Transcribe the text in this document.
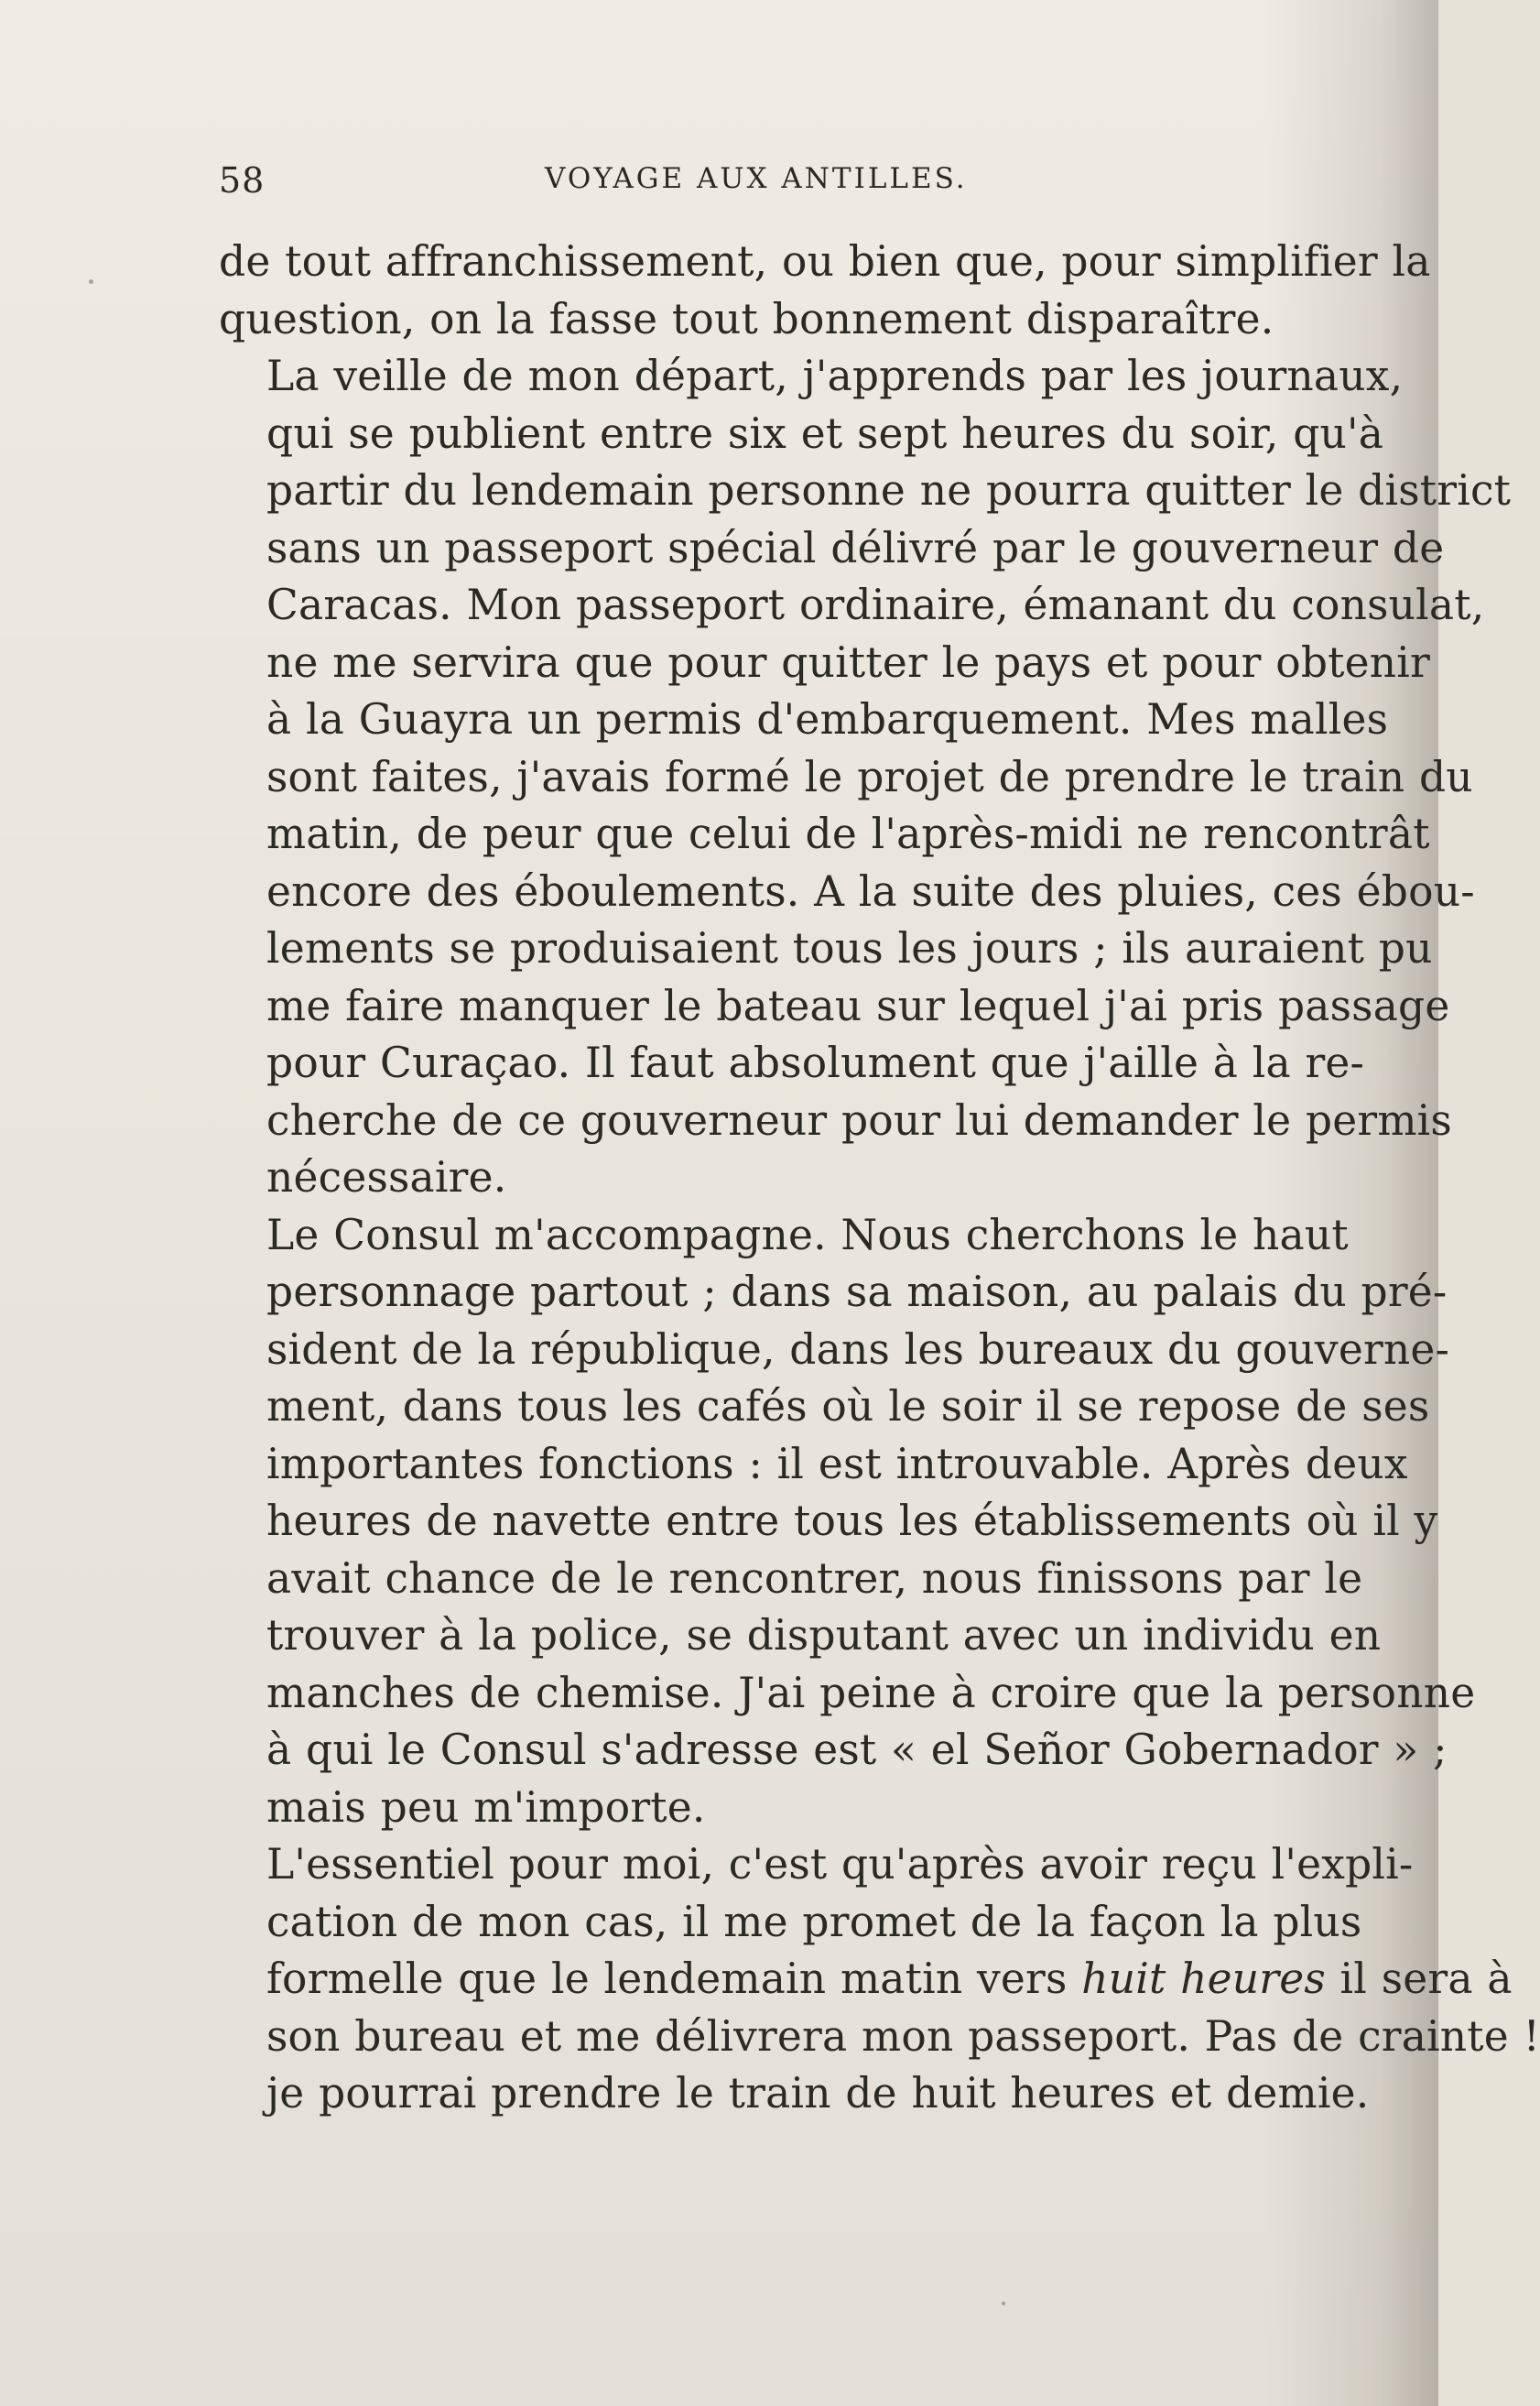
58	VOYAGE AUX ANTILLES.

de tout affranchissement, ou bien que, pour simplifier la
question, on la fasse tout bonnement disparaître.

La veille de mon départ, j'apprends par les journaux,
qui se publient entre six et sept heures du soir, qu'à
partir du lendemain personne ne pourra quitter le district
sans un passeport spécial délivré par le gouverneur de
Caracas. Mon passeport ordinaire, émanant du consulat,
ne me servira que pour quitter le pays et pour obtenir
à la Guayra un permis d'embarquement. Mes malles
sont faites, j'avais formé le projet de prendre le train du
matin, de peur que celui de l'après-midi ne rencontrât
encore des éboulements. A la suite des pluies, ces ébou-
lements se produisaient tous les jours ; ils auraient pu
me faire manquer le bateau sur lequel j'ai pris passage
pour Curaçao. Il faut absolument que j'aille à la re-
cherche de ce gouverneur pour lui demander le permis
nécessaire.

Le Consul m'accompagne. Nous cherchons le haut
personnage partout ; dans sa maison, au palais du pré-
sident de la république, dans les bureaux du gouverne-
ment, dans tous les cafés où le soir il se repose de ses
importantes fonctions : il est introuvable. Après deux
heures de navette entre tous les établissements où il y
avait chance de le rencontrer, nous finissons par le
trouver à la police, se disputant avec un individu en
manches de chemise. J'ai peine à croire que la personne
à qui le Consul s'adresse est « el Señor Gobernador » ;
mais peu m'importe.

L'essentiel pour moi, c'est qu'après avoir reçu l'expli-
cation de mon cas, il me promet de la façon la plus
formelle que le lendemain matin vers huit heures il sera à
son bureau et me délivrera mon passeport. Pas de crainte !
je pourrai prendre le train de huit heures et demie.
